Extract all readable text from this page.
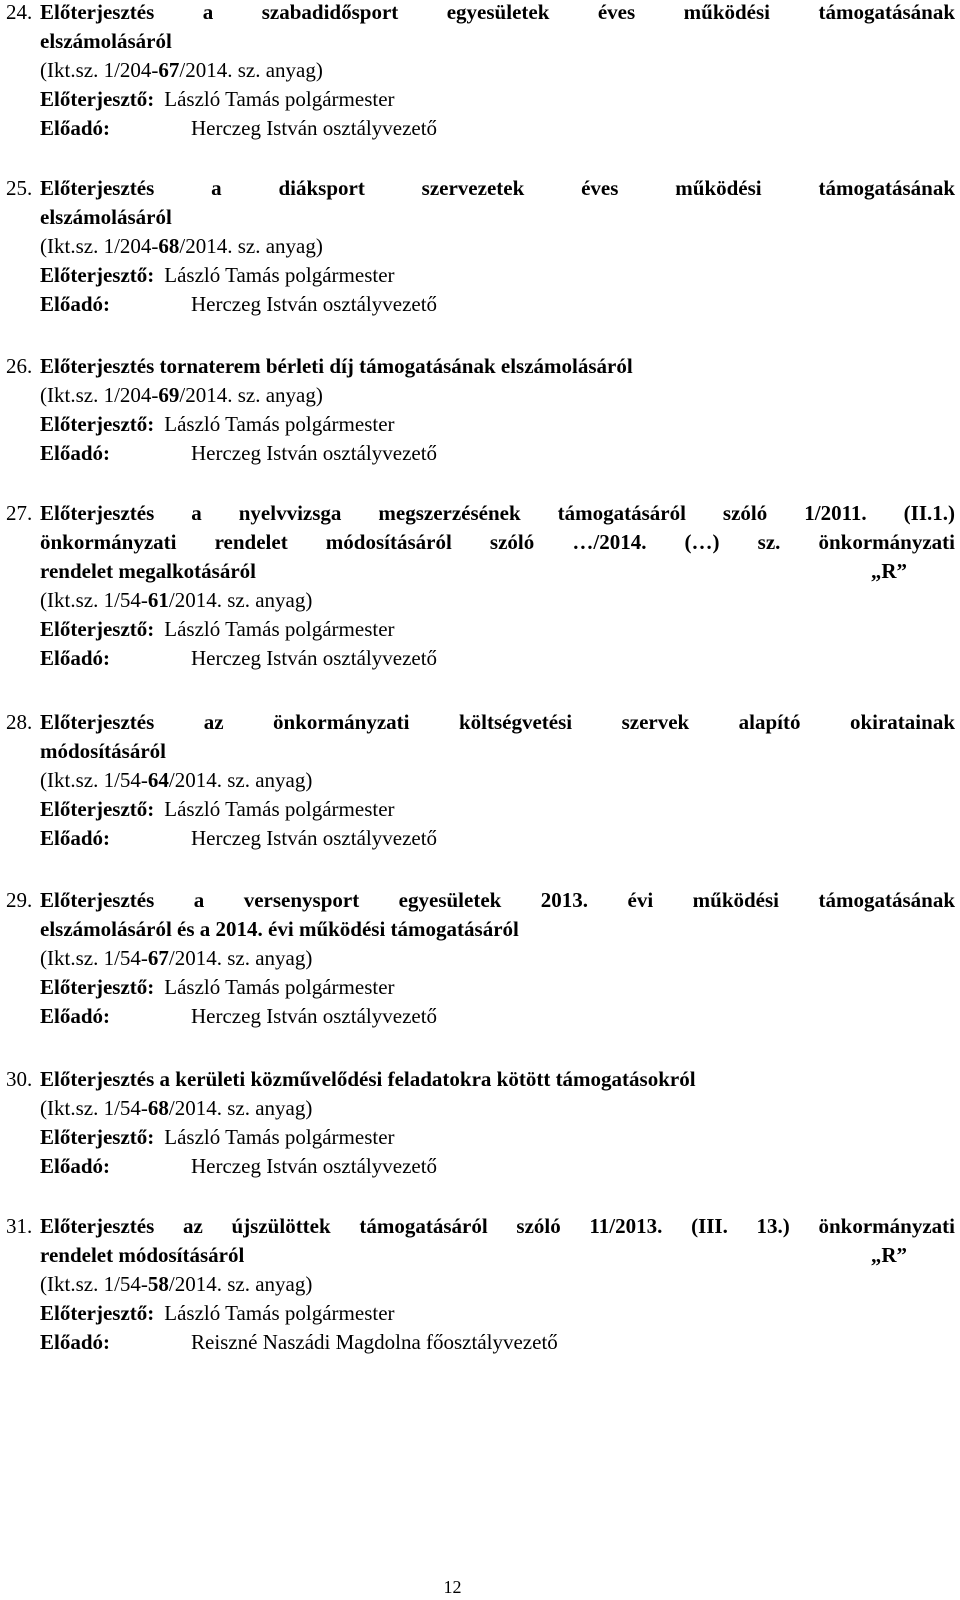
24. Előterjesztés a szabadidősport egyesületek éves működési támogatásának
elszámolásáról
(Ikt.sz. 1/204-67/2014. sz. anyag)
Előterjesztő: László Tamás polgármester
Előadó:	Herczeg István osztályvezető
25. Előterjesztés a diáksport szervezetek éves működési támogatásának
elszámolásáról
(Ikt.sz. 1/204-68/2014. sz. anyag)
Előterjesztő: László Tamás polgármester
Előadó:	Herczeg István osztályvezető
26. Előterjesztés tornaterem bérleti díj támogatásának elszámolásáról
(Ikt.sz. 1/204-69/2014. sz. anyag)
Előterjesztő: László Tamás polgármester
Előadó:	Herczeg István osztályvezető
27. Előterjesztés a nyelvvizsga megszerzésének támogatásáról szóló 1/2011. (II.1.)
önkormányzati rendelet módosításáról szóló …/2014. (…) sz. önkormányzati
rendelet megalkotásáról	„R”
(Ikt.sz. 1/54-61/2014. sz. anyag)
Előterjesztő: László Tamás polgármester
Előadó:	Herczeg István osztályvezető
28. Előterjesztés az önkormányzati költségvetési szervek alapító okiratainak
módosításáról
(Ikt.sz. 1/54-64/2014. sz. anyag)
Előterjesztő: László Tamás polgármester
Előadó:	Herczeg István osztályvezető
29. Előterjesztés a versenysport egyesületek 2013. évi működési támogatásának
elszámolásáról és a 2014. évi működési támogatásáról
(Ikt.sz. 1/54-67/2014. sz. anyag)
Előterjesztő: László Tamás polgármester
Előadó:	Herczeg István osztályvezető
30. Előterjesztés a kerületi közművelődési feladatokra kötött támogatásokról
(Ikt.sz. 1/54-68/2014. sz. anyag)
Előterjesztő: László Tamás polgármester
Előadó:	Herczeg István osztályvezető
31. Előterjesztés az újszülöttek támogatásáról szóló 11/2013. (III. 13.) önkormányzati
rendelet módosításáról	„R”
(Ikt.sz. 1/54-58/2014. sz. anyag)
Előterjesztő: László Tamás polgármester
Előadó:	Reiszné Naszádi Magdolna főosztályvezető
12
